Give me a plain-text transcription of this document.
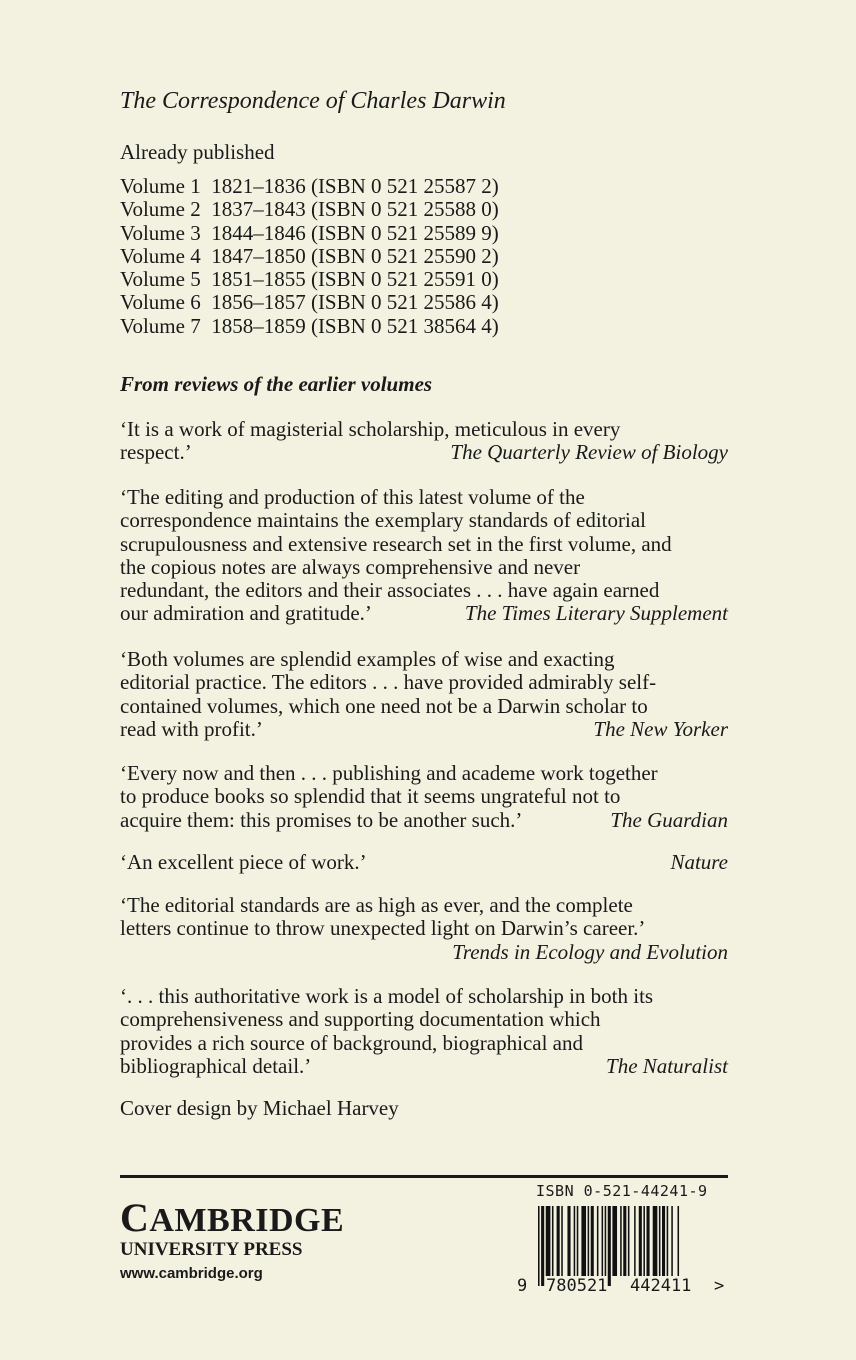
The Correspondence of Charles Darwin
Already published
Volume 1  1821–1836 (ISBN 0 521 25587 2)
Volume 2  1837–1843 (ISBN 0 521 25588 0)
Volume 3  1844–1846 (ISBN 0 521 25589 9)
Volume 4  1847–1850 (ISBN 0 521 25590 2)
Volume 5  1851–1855 (ISBN 0 521 25591 0)
Volume 6  1856–1857 (ISBN 0 521 25586 4)
Volume 7  1858–1859 (ISBN 0 521 38564 4)
From reviews of the earlier volumes
‘It is a work of magisterial scholarship, meticulous in every
respect.’	The Quarterly Review of Biology
‘The editing and production of this latest volume of the
correspondence maintains the exemplary standards of editorial
scrupulousness and extensive research set in the first volume, and
the copious notes are always comprehensive and never
redundant, the editors and their associates . . . have again earned
our admiration and gratitude.’	The Times Literary Supplement
‘Both volumes are splendid examples of wise and exacting
editorial practice. The editors . . . have provided admirably self-
contained volumes, which one need not be a Darwin scholar to
read with profit.’	The New Yorker
‘Every now and then . . . publishing and academe work together
to produce books so splendid that it seems ungrateful not to
acquire them: this promises to be another such.’	The Guardian
‘An excellent piece of work.’	Nature
‘The editorial standards are as high as ever, and the complete
letters continue to throw unexpected light on Darwin’s career.’
Trends in Ecology and Evolution
‘. . . this authoritative work is a model of scholarship in both its
comprehensiveness and supporting documentation which
provides a rich source of background, biographical and
bibliographical detail.’	The Naturalist
Cover design by Michael Harvey
CAMBRIDGE
UNIVERSITY PRESS
www.cambridge.org
ISBN 0-521-44241-9
9 780521 442411 >
